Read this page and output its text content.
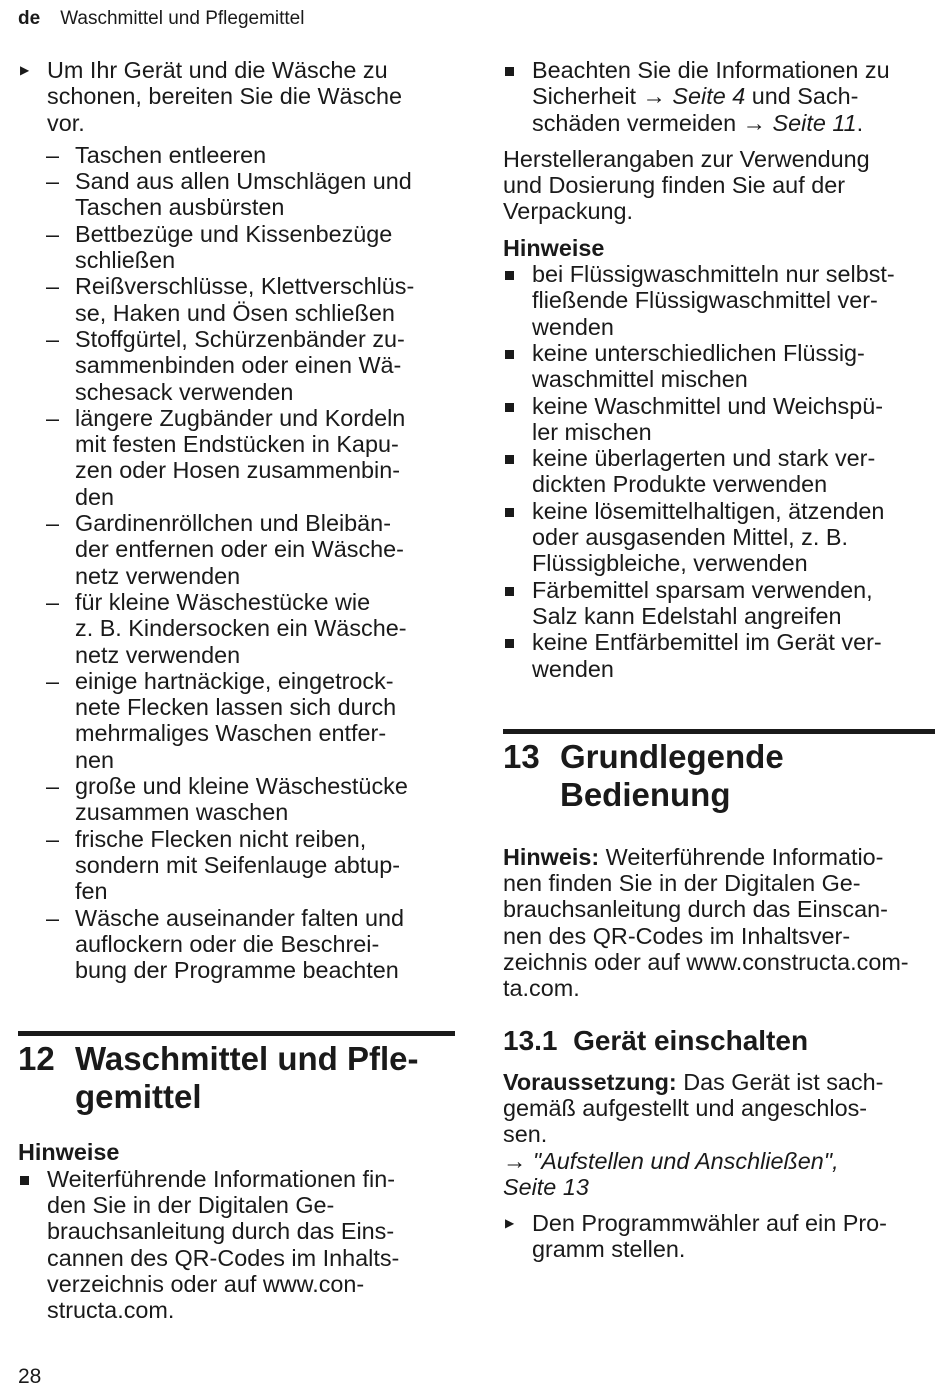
de Waschmittel und Pflegemittel
▶ Um Ihr Gerät und die Wäsche zu
schonen, bereiten Sie die Wäsche
vor.
– Taschen entleeren
– Sand aus allen Umschlägen und
Taschen ausbürsten
– Bettbezüge und Kissenbezüge
schließen
– Reißverschlüsse, Klettverschlüs-
se, Haken und Ösen schließen
– Stoffgürtel, Schürzenbänder zu-
sammenbinden oder einen Wä-
schesack verwenden
– längere Zugbänder und Kordeln
mit festen Endstücken in Kapu-
zen oder Hosen zusammenbin-
den
– Gardinenröllchen und Bleibän-
der entfernen oder ein Wäsche-
netz verwenden
– für kleine Wäschestücke wie
z. B. Kindersocken ein Wäsche-
netz verwenden
– einige hartnäckige, eingetrock-
nete Flecken lassen sich durch
mehrmaliges Waschen entfer-
nen
– große und kleine Wäschestücke
zusammen waschen
– frische Flecken nicht reiben,
sondern mit Seifenlauge abtup-
fen
– Wäsche auseinander falten und
auflockern oder die Beschrei-
bung der Programme beachten
12 Waschmittel und Pfle-
gemittel
Hinweise
Weiterführende Informationen fin-
den Sie in der Digitalen Ge-
brauchsanleitung durch das Eins-
cannen des QR-Codes im Inhalts-
verzeichnis oder auf www.con-
structa.com.
Beachten Sie die Informationen zu
Sicherheit → Seite 4 und Sach-
schäden vermeiden → Seite 11.
Herstellerangaben zur Verwendung
und Dosierung finden Sie auf der
Verpackung.
Hinweise
bei Flüssigwaschmitteln nur selbst-
fließende Flüssigwaschmittel ver-
wenden
keine unterschiedlichen Flüssig-
waschmittel mischen
keine Waschmittel und Weichspü-
ler mischen
keine überlagerten und stark ver-
dickten Produkte verwenden
keine lösemittelhaltigen, ätzenden
oder ausgasenden Mittel, z. B.
Flüssigbleiche, verwenden
Färbemittel sparsam verwenden,
Salz kann Edelstahl angreifen
keine Entfärbemittel im Gerät ver-
wenden
13 Grundlegende
Bedienung
Hinweis: Weiterführende Informatio-
nen finden Sie in der Digitalen Ge-
brauchsanleitung durch das Einscan-
nen des QR-Codes im Inhaltsver-
zeichnis oder auf www.constructa.com-
ta.com.
13.1 Gerät einschalten
Voraussetzung: Das Gerät ist sach-
gemäß aufgestellt und angeschlos-
sen.
→ "Aufstellen und Anschließen",
Seite 13
▶ Den Programmwähler auf ein Pro-
gramm stellen.
28
